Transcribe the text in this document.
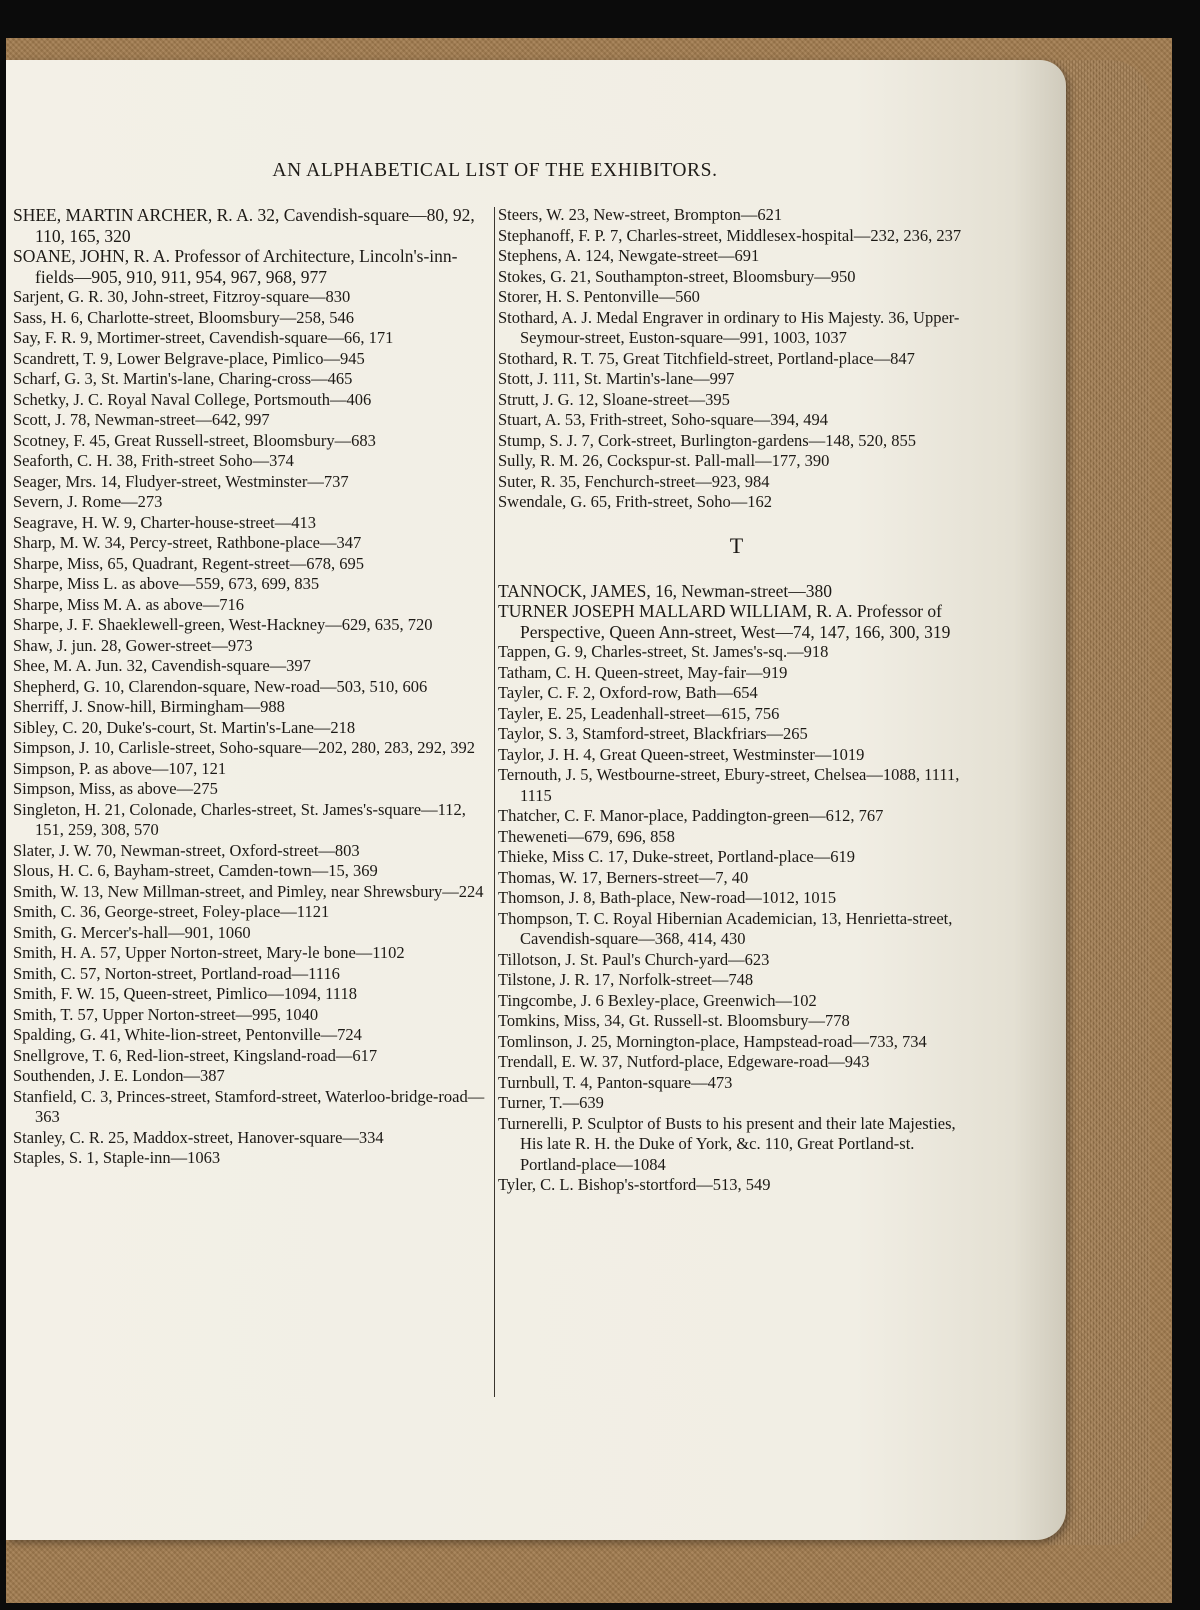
AN ALPHABETICAL LIST OF THE EXHIBITORS.

SHEE, MARTIN ARCHER, R. A. 32, Cavendish-square—80, 92, 110, 165, 320

SOANE, JOHN, R. A. Professor of Architecture, Lincoln's-inn-fields—905, 910, 911, 954, 967, 968, 977

Sarjent, G. R. 30, John-street, Fitzroy-square—830

Sass, H. 6, Charlotte-street, Bloomsbury—258, 546

Say, F. R. 9, Mortimer-street, Cavendish-square—66, 171

Scandrett, T. 9, Lower Belgrave-place, Pimlico—945

Scharf, G. 3, St. Martin's-lane, Charing-cross—465

Schetky, J. C. Royal Naval College, Portsmouth—406

Scott, J. 78, Newman-street—642, 997

Scotney, F. 45, Great Russell-street, Bloomsbury—683

Seaforth, C. H. 38, Frith-street Soho—374

Seager, Mrs. 14, Fludyer-street, Westminster—737

Severn, J. Rome—273

Seagrave, H. W. 9, Charter-house-street—413

Sharp, M. W. 34, Percy-street, Rathbone-place—347

Sharpe, Miss, 65, Quadrant, Regent-street—678, 695

Sharpe, Miss L. as above—559, 673, 699, 835

Sharpe, Miss M. A. as above—716

Sharpe, J. F. Shaeklewell-green, West-Hackney—629, 635, 720

Shaw, J. jun. 28, Gower-street—973

Shee, M. A. Jun. 32, Cavendish-square—397

Shepherd, G. 10, Clarendon-square, New-road—503, 510, 606

Sherriff, J. Snow-hill, Birmingham—988

Sibley, C. 20, Duke's-court, St. Martin's-Lane—218

Simpson, J. 10, Carlisle-street, Soho-square—202, 280, 283, 292, 392

Simpson, P. as above—107, 121

Simpson, Miss, as above—275

Singleton, H. 21, Colonade, Charles-street, St. James's-square—112, 151, 259, 308, 570

Slater, J. W. 70, Newman-street, Oxford-street—803

Slous, H. C. 6, Bayham-street, Camden-town—15, 369

Smith, W. 13, New Millman-street, and Pimley, near Shrewsbury—224

Smith, C. 36, George-street, Foley-place—1121

Smith, G. Mercer's-hall—901, 1060

Smith, H. A. 57, Upper Norton-street, Mary-le bone—1102

Smith, C. 57, Norton-street, Portland-road—1116

Smith, F. W. 15, Queen-street, Pimlico—1094, 1118

Smith, T. 57, Upper Norton-street—995, 1040

Spalding, G. 41, White-lion-street, Pentonville—724

Snellgrove, T. 6, Red-lion-street, Kingsland-road—617

Southenden, J. E. London—387

Stanfield, C. 3, Princes-street, Stamford-street, Waterloo-bridge-road—363

Stanley, C. R. 25, Maddox-street, Hanover-square—334

Staples, S. 1, Staple-inn—1063

Steers, W. 23, New-street, Brompton—621

Stephanoff, F. P. 7, Charles-street, Middlesex-hospital—232, 236, 237

Stephens, A. 124, Newgate-street—691

Stokes, G. 21, Southampton-street, Bloomsbury—950

Storer, H. S. Pentonville—560

Stothard, A. J. Medal Engraver in ordinary to His Majesty. 36, Upper-Seymour-street, Euston-square—991, 1003, 1037

Stothard, R. T. 75, Great Titchfield-street, Portland-place—847

Stott, J. 111, St. Martin's-lane—997

Strutt, J. G. 12, Sloane-street—395

Stuart, A. 53, Frith-street, Soho-square—394, 494

Stump, S. J. 7, Cork-street, Burlington-gardens—148, 520, 855

Sully, R. M. 26, Cockspur-st. Pall-mall—177, 390

Suter, R. 35, Fenchurch-street—923, 984

Swendale, G. 65, Frith-street, Soho—162

T

TANNOCK, JAMES, 16, Newman-street—380

TURNER JOSEPH MALLARD WILLIAM, R. A. Professor of Perspective, Queen Ann-street, West—74, 147, 166, 300, 319

Tappen, G. 9, Charles-street, St. James's-sq.—918

Tatham, C. H. Queen-street, May-fair—919

Tayler, C. F. 2, Oxford-row, Bath—654

Tayler, E. 25, Leadenhall-street—615, 756

Taylor, S. 3, Stamford-street, Blackfriars—265

Taylor, J. H. 4, Great Queen-street, Westminster—1019

Ternouth, J. 5, Westbourne-street, Ebury-street, Chelsea—1088, 1111, 1115

Thatcher, C. F. Manor-place, Paddington-green—612, 767

Theweneti—679, 696, 858

Thieke, Miss C. 17, Duke-street, Portland-place—619

Thomas, W. 17, Berners-street—7, 40

Thomson, J. 8, Bath-place, New-road—1012, 1015

Thompson, T. C. Royal Hibernian Academician, 13, Henrietta-street, Cavendish-square—368, 414, 430

Tillotson, J. St. Paul's Church-yard—623

Tilstone, J. R. 17, Norfolk-street—748

Tingcombe, J. 6 Bexley-place, Greenwich—102

Tomkins, Miss, 34, Gt. Russell-st. Bloomsbury—778

Tomlinson, J. 25, Mornington-place, Hampstead-road—733, 734

Trendall, E. W. 37, Nutford-place, Edgeware-road—943

Turnbull, T. 4, Panton-square—473

Turner, T.—639

Turnerelli, P. Sculptor of Busts to his present and their late Majesties, His late R. H. the Duke of York, &c. 110, Great Portland-st. Portland-place—1084

Tyler, C. L. Bishop's-stortford—513, 549
